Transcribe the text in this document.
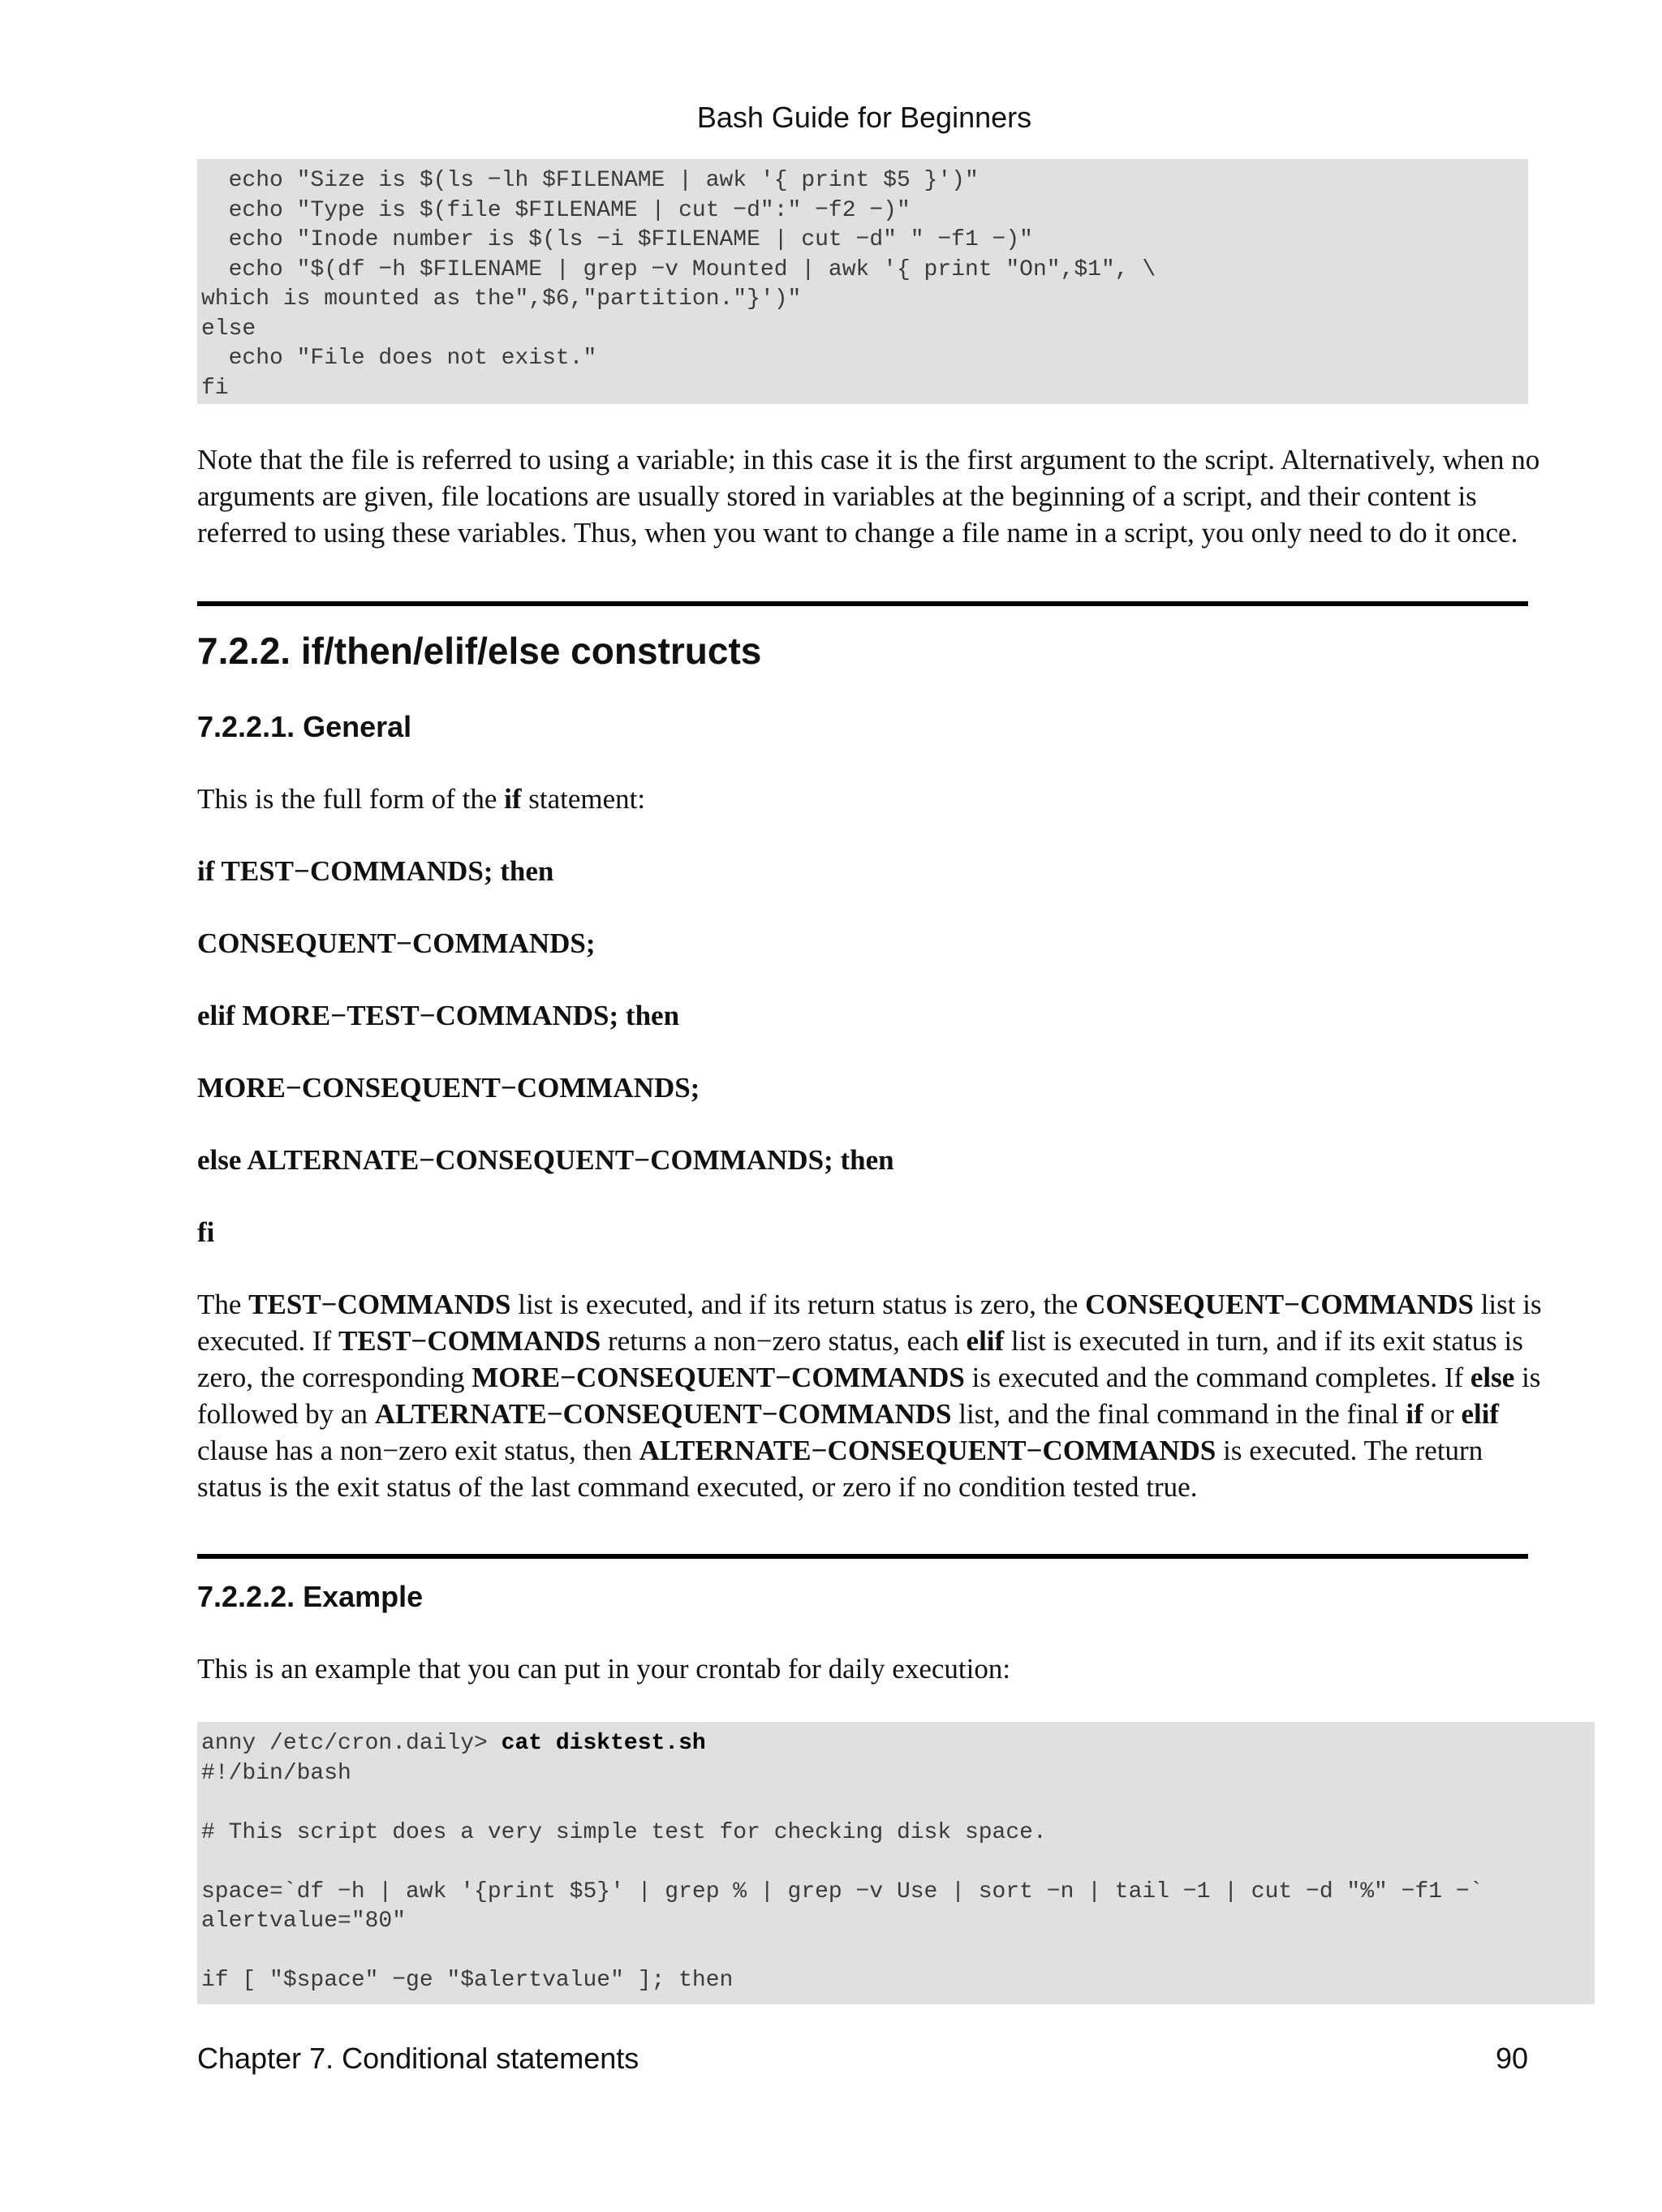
Bash Guide for Beginners
echo "Size is $(ls −lh $FILENAME | awk '{ print $5 }')"
echo "Type is $(file $FILENAME | cut −d":" −f2 −)"
echo "Inode number is $(ls −i $FILENAME | cut −d" " −f1 −)"
echo "$(df −h $FILENAME | grep −v Mounted | awk '{ print "On",$1", \
which is mounted as the",$6,"partition."}')"
else
echo "File does not exist."
fi

Note that the file is referred to using a variable; in this case it is the first argument to the script. Alternatively, when no arguments are given, file locations are usually stored in variables at the beginning of a script, and their content is referred to using these variables. Thus, when you want to change a file name in a script, you only need to do it once.

7.2.2. if/then/elif/else constructs
7.2.2.1. General

This is the full form of the if statement:

if TEST−COMMANDS; then

CONSEQUENT−COMMANDS;

elif MORE−TEST−COMMANDS; then

MORE−CONSEQUENT−COMMANDS;

else ALTERNATE−CONSEQUENT−COMMANDS; then

fi

The TEST−COMMANDS list is executed, and if its return status is zero, the CONSEQUENT−COMMANDS list is executed. If TEST−COMMANDS returns a non−zero status, each elif list is executed in turn, and if its exit status is zero, the corresponding MORE−CONSEQUENT−COMMANDS is executed and the command completes. If else is followed by an ALTERNATE−CONSEQUENT−COMMANDS list, and the final command in the final if or elif clause has a non−zero exit status, then ALTERNATE−CONSEQUENT−COMMANDS is executed. The return status is the exit status of the last command executed, or zero if no condition tested true.

7.2.2.2. Example

This is an example that you can put in your crontab for daily execution:

anny /etc/cron.daily> cat disktest.sh
#!/bin/bash

# This script does a very simple test for checking disk space.

space=`df −h | awk '{print $5}' | grep % | grep −v Use | sort −n | tail −1 | cut −d "%" −f1 −`
alertvalue="80"

if [ "$space" −ge "$alertvalue" ]; then
Chapter 7. Conditional statements	90
